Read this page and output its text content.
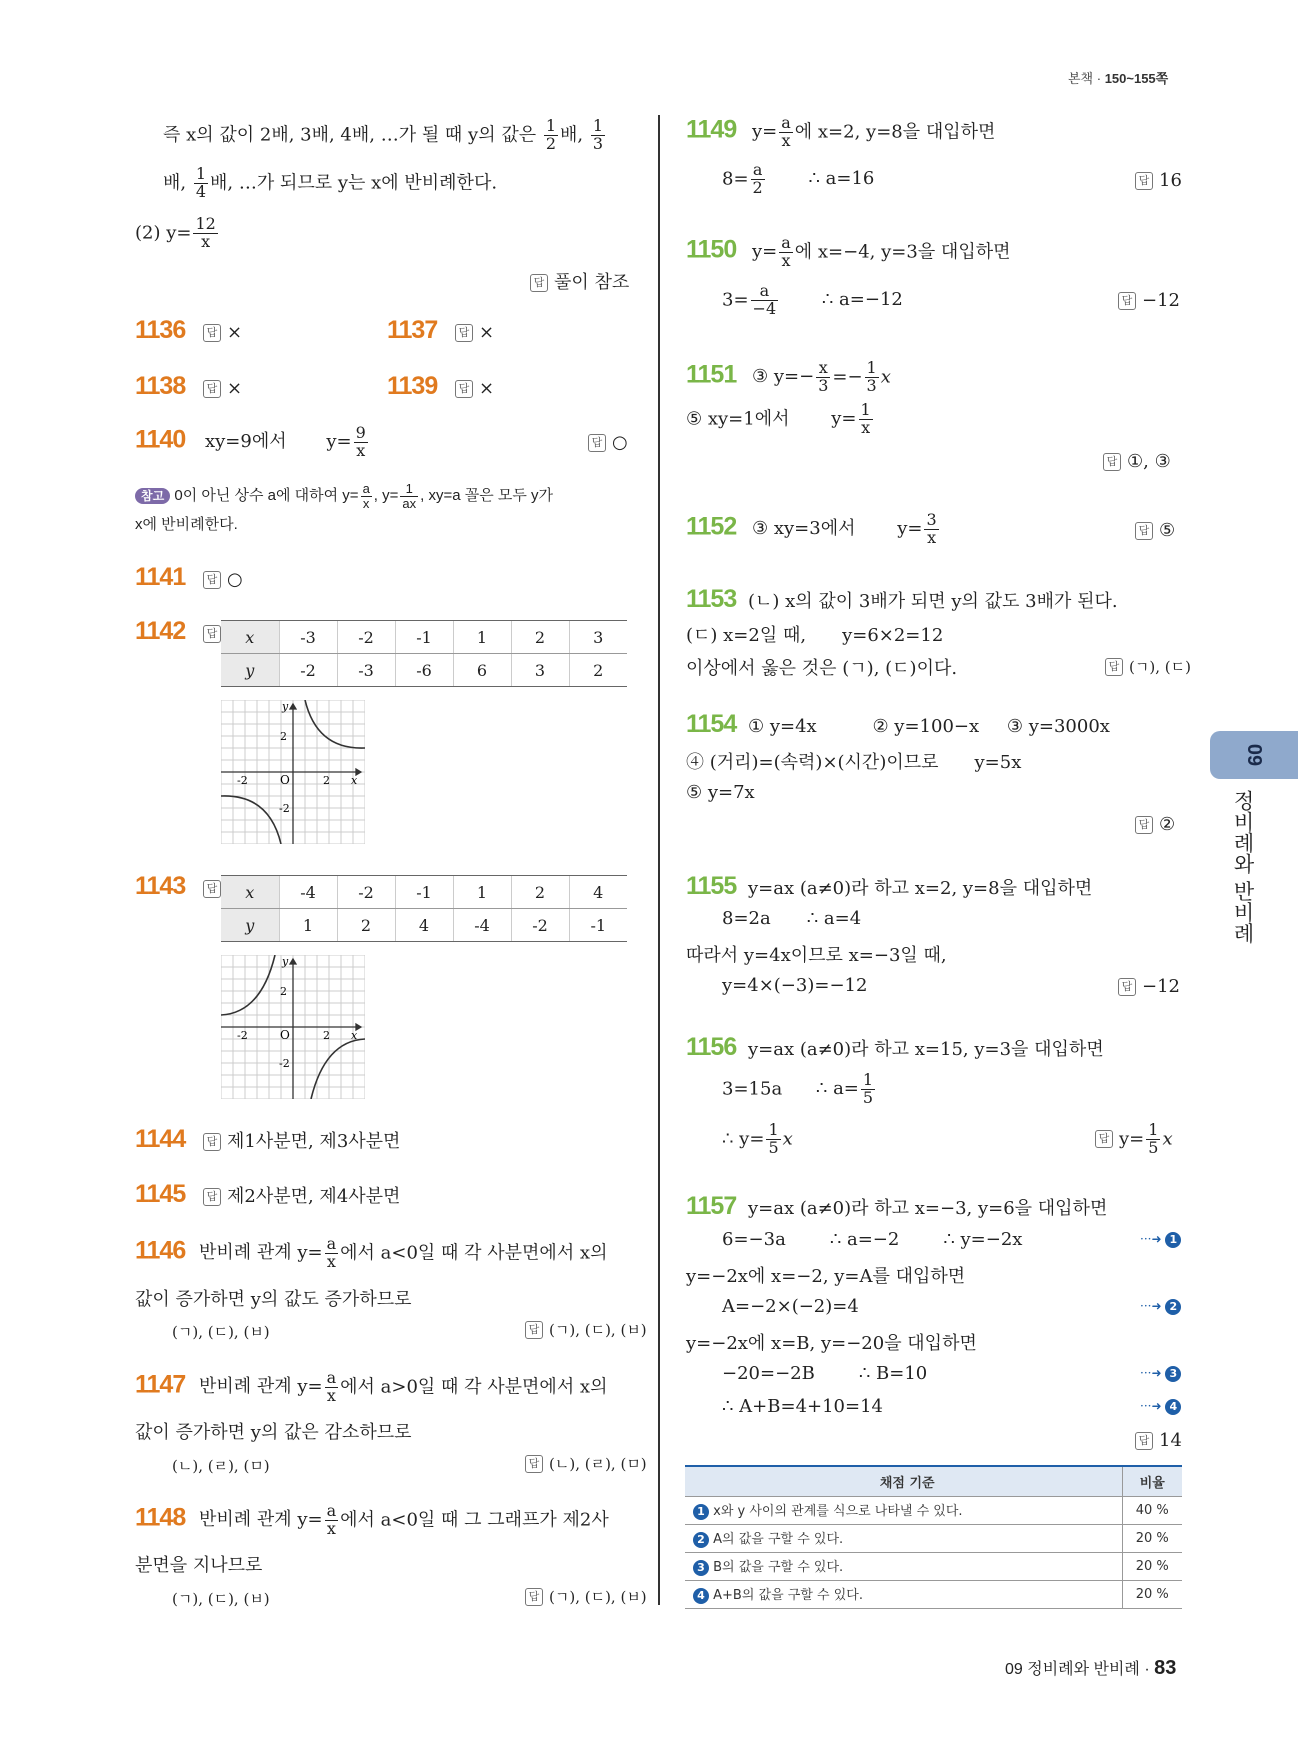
본책 · 150~155쪽
즉 x의 값이 2배, 3배, 4배, …가 될 때 y의 값은 $\frac{1}{2}$ 배, $\frac{1}{3}$
배, $\frac{1}{4}$ 배, …가 되므로 y는 x에 반비례한다.
(2) $y= \frac{12}{x}$
답 풀이 참조
1136 답 ×	1137 답 ×
1138 답 ×	1139 답 ×
1140 xy=9에서 $y= \frac{9}{x}$	답 ○
참고 0이 아닌 상수 a에 대하여 $y= \frac{a}{x}$ , $y= \frac{1}{ax}$ , xy=a 꼴은 모두 y가
x에 반비례한다.
1141 답 ○
1142 답	x	-3	-2	-1	1	2	3
y	-2	-3	-6	6	3	2
y
2
O
-2	2 x
-2
1143 답	x	-4	-2	-1	1	2	4
y	1	2	4	-4	-2	-1
y
2
O
-2	2 x
-2
1144 답 제1사분면, 제3사분면
1145 답 제2사분면, 제4사분면
1146 반비례 관계 $y= \frac{a}{x}$ 에서 a<0일 때 각 사분면에서 x의
값이 증가하면 y의 값도 증가하므로
(ㄱ), (ㄷ), (ㅂ)	답 (ㄱ), (ㄷ), (ㅂ)
1147 반비례 관계 $y= \frac{a}{x}$ 에서 a>0일 때 각 사분면에서 x의
값이 증가하면 y의 값은 감소하므로
(ㄴ), (ㄹ), (ㅁ)	답 (ㄴ), (ㄹ), (ㅁ)
1148 반비례 관계 $y= \frac{a}{x}$ 에서 a<0일 때 그 그래프가 제2사
분면을 지나므로
(ㄱ), (ㄷ), (ㅂ)	답 (ㄱ), (ㄷ), (ㅂ)
1149 $y= \frac{a}{x}$ 에 x=2, y=8을 대입하면
$8= \frac{a}{2}$ ∴ a=16	답 16
1150 $y= \frac{a}{x}$ 에 x=−4, y=3을 대입하면
$3= \frac{a}{-4}$ ∴ a=−12	답 −12
1151 ③ $y=- \frac{x}{3} =- \frac{1}{3}$ x
⑤ xy=1에서 $y= \frac{1}{x}$
답 ①, ③
1152 ③ xy=3에서 $y= \frac{3}{x}$	답 ⑤
1153 (ㄴ) x의 값이 3배가 되면 y의 값도 3배가 된다.
(ㄷ) x=2일 때, y=6×2=12
이상에서 옳은 것은 (ㄱ), (ㄷ)이다.	답 (ㄱ), (ㄷ)
1154 ① y=4x	② y=100−x ③ y=3000x
④ (거리)=(속력)×(시간)이므로 y=5x
⑤ y=7x
답 ②
1155 y=ax (a≠0)라 하고 x=2, y=8을 대입하면
8=2a ∴ a=4
따라서 y=4x이므로 x=−3일 때,
y=4×(−3)=−12	답 −12
1156 y=ax (a≠0)라 하고 x=15, y=3을 대입하면
3=15a ∴ $a= \frac{1}{5}$
∴ $y= \frac{1}{5}$ x	답 $y= \frac{1}{5}$ x
1157 y=ax (a≠0)라 하고 x=−3, y=6을 대입하면
6=−3a ∴ a=−2 ∴ y=−2x
y=−2x에 x=−2, y=A를 대입하면
A=−2×(−2)=4
y=−2x에 x=B, y=−20을 대입하면
−20=−2B ∴ B=10
∴ A+B=4+10=14
···➜ 1
···➜ 2
···➜ 3
···➜ 4
답 14
채점 기준	비율
1 x와 y 사이의 관계를 식으로 나타낼 수 있다.	40 %
2 A의 값을 구할 수 있다.	20 %
3 B의 값을 구할 수 있다.	20 %
4 A+B의 값을 구할 수 있다.	20 %
09
정비례와 반비례
09 정비례와 반비례 · 83
